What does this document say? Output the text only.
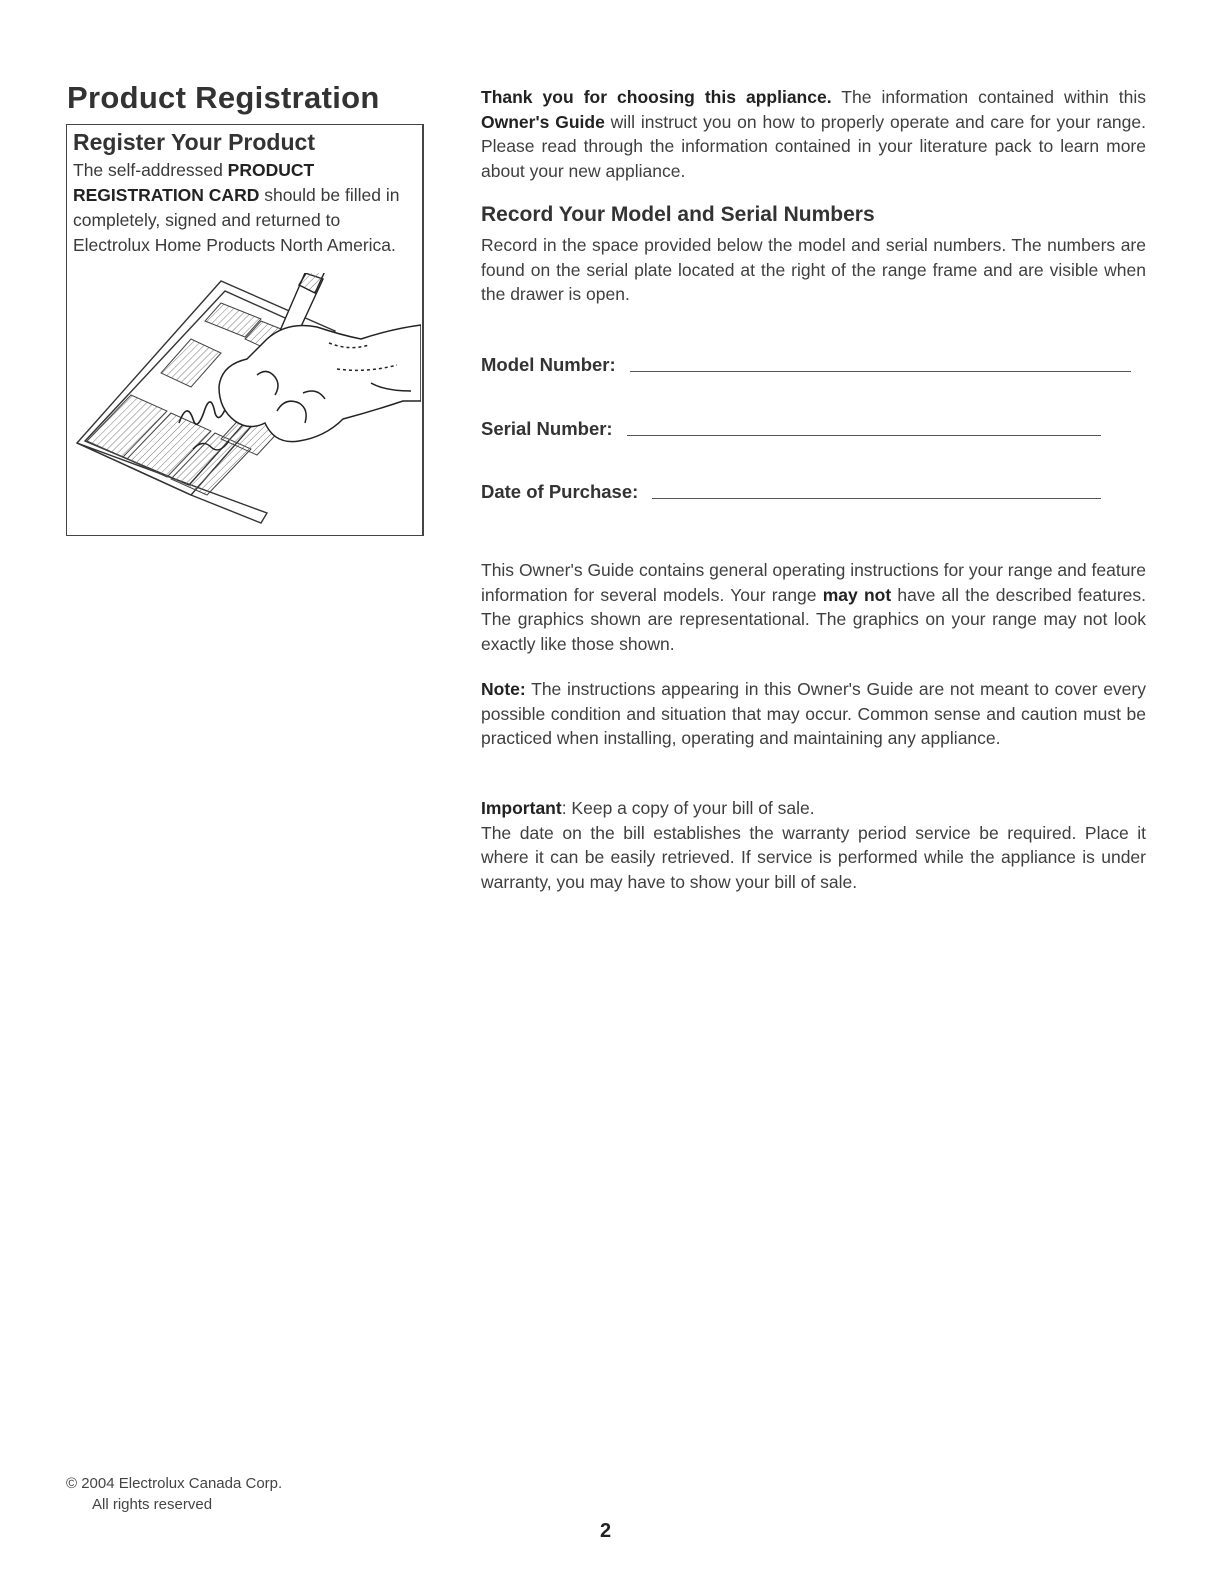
Product Registration
Register Your Product

The self-addressed PRODUCT REGISTRATION CARD should be filled in completely, signed and returned to Electrolux Home Products North America.

Thank you for choosing this appliance. The information contained within this Owner's Guide will instruct you on how to properly operate and care for your range. Please read through the information contained in your literature pack to learn more about your new appliance.

Record Your Model and Serial Numbers

Record in the space provided below the model and serial numbers. The numbers are found on the serial plate located at the right of the range frame and are visible when the drawer is open.

Model Number:
Serial Number:
Date of Purchase:

This Owner's Guide contains general operating instructions for your range and feature information for several models. Your range may not have all the described features. The graphics shown are representational. The graphics on your range may not look exactly like those shown.

Note: The instructions appearing in this Owner's Guide are not meant to cover every possible condition and situation that may occur. Common sense and caution must be practiced when installing, operating and maintaining any appliance.

Important: Keep a copy of your bill of sale.

The date on the bill establishes the warranty period service be required. Place it where it can be easily retrieved. If service is performed while the appliance is under warranty, you may have to show your bill of sale.

© 2004 Electrolux Canada Corp.
All rights reserved
2
